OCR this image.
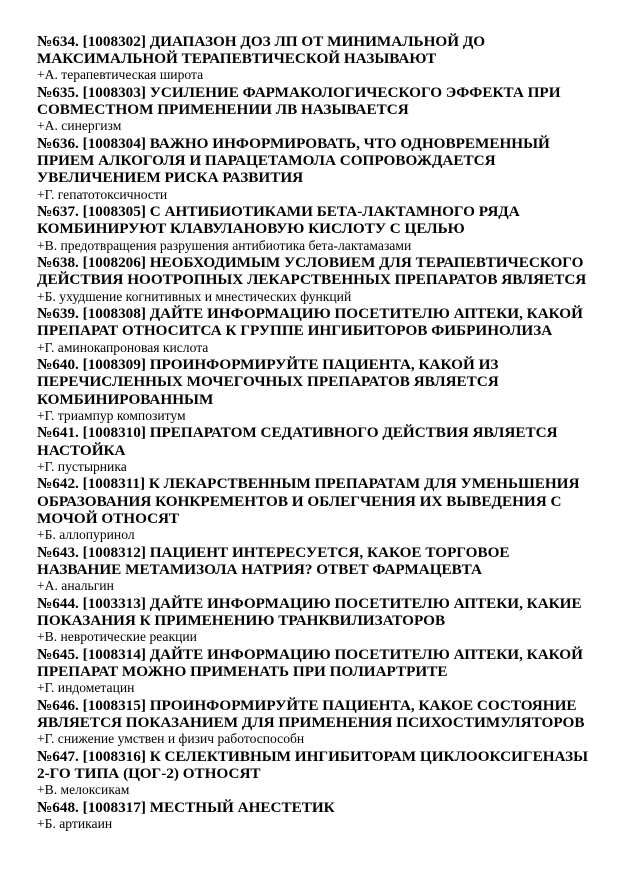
№634. [1008302] ДИАПАЗОН ДОЗ ЛП ОТ МИНИМАЛЬНОЙ ДО МАКСИМАЛЬНОЙ ТЕРАПЕВТИЧЕСКОЙ НАЗЫВАЮТ

+А. терапевтическая широта

№635. [1008303] УСИЛЕНИЕ ФАРМАКОЛОГИЧЕСКОГО ЭФФЕКТА ПРИ СОВМЕСТНОМ ПРИМЕНЕНИИ ЛВ НАЗЫВАЕТСЯ

+А. синергизм

№636. [1008304] ВАЖНО ИНФОРМИРОВАТЬ, ЧТО ОДНОВРЕМЕННЫЙ ПРИЕМ АЛКОГОЛЯ И ПАРАЦЕТАМОЛА СОПРОВОЖДАЕТСЯ УВЕЛИЧЕНИЕМ РИСКА РАЗВИТИЯ

+Г. гепатотоксичности

№637. [1008305] С АНТИБИОТИКАМИ БЕТА-ЛАКТАМНОГО РЯДА КОМБИНИРУЮТ КЛАВУЛАНОВУЮ КИСЛОТУ С ЦЕЛЬЮ

+В. предотвращения разрушения антибиотика бета-лактамазами

№638. [1008206] НЕОБХОДИМЫМ УСЛОВИЕМ ДЛЯ ТЕРАПЕВТИЧЕСКОГО ДЕЙСТВИЯ НООТРОПНЫХ ЛЕКАРСТВЕННЫХ ПРЕПАРАТОВ ЯВЛЯЕТСЯ

+Б. ухудшение когнитивных и мнестических функций

№639. [1008308] ДАЙТЕ ИНФОРМАЦИЮ ПОСЕТИТЕЛЮ АПТЕКИ, КАКОЙ ПРЕПАРАТ ОТНОСИТСА К ГРУППЕ ИНГИБИТОРОВ ФИБРИНОЛИЗА

+Г. аминокапроновая кислота

№640. [1008309] ПРОИНФОРМИРУЙТЕ ПАЦИЕНТА, КАКОЙ ИЗ ПЕРЕЧИСЛЕННЫХ МОЧЕГОЧНЫХ ПРЕПАРАТОВ ЯВЛЯЕТСЯ КОМБИНИРОВАННЫМ

+Г. триампур композитум

№641. [1008310] ПРЕПАРАТОМ СЕДАТИВНОГО ДЕЙСТВИЯ ЯВЛЯЕТСЯ НАСТОЙКА

+Г. пустырника

№642. [1008311] К ЛЕКАРСТВЕННЫМ ПРЕПАРАТАМ ДЛЯ УМЕНЬШЕНИЯ ОБРАЗОВАНИЯ КОНКРЕМЕНТОВ И ОБЛЕГЧЕНИЯ ИХ ВЫВЕДЕНИЯ С МОЧОЙ ОТНОСЯТ

+Б. аллопуринол

№643. [1008312] ПАЦИЕНТ ИНТЕРЕСУЕТСЯ, КАКОЕ ТОРГОВОЕ НАЗВАНИЕ МЕТАМИЗОЛА НАТРИЯ? ОТВЕТ ФАРМАЦЕВТА

+А. анальгин

№644. [1003313] ДАЙТЕ ИНФОРМАЦИЮ ПОСЕТИТЕЛЮ АПТЕКИ, КАКИЕ ПОКАЗАНИЯ К ПРИМЕНЕНИЮ ТРАНКВИЛИЗАТОРОВ

+В. невротические реакции

№645. [1008314] ДАЙТЕ ИНФОРМАЦИЮ ПОСЕТИТЕЛЮ АПТЕКИ, КАКОЙ ПРЕПАРАТ МОЖНО ПРИМЕНАТЬ ПРИ ПОЛИАРТРИТЕ

+Г. индометацин

№646. [1008315] ПРОИНФОРМИРУЙТЕ ПАЦИЕНТА, КАКОЕ СОСТОЯНИЕ ЯВЛЯЕТСЯ ПОКАЗАНИЕМ ДЛЯ ПРИМЕНЕНИЯ ПСИХОСТИМУЛЯТОРОВ

+Г. снижение умствен и физич работоспособн

№647. [1008316] К СЕЛЕКТИВНЫМ ИНГИБИТОРАМ ЦИКЛООКСИГЕНАЗЫ 2-ГО ТИПА (ЦОГ-2) ОТНОСЯТ

+В. мелоксикам

№648. [1008317] МЕСТНЫЙ АНЕСТЕТИК

+Б. артикаин
